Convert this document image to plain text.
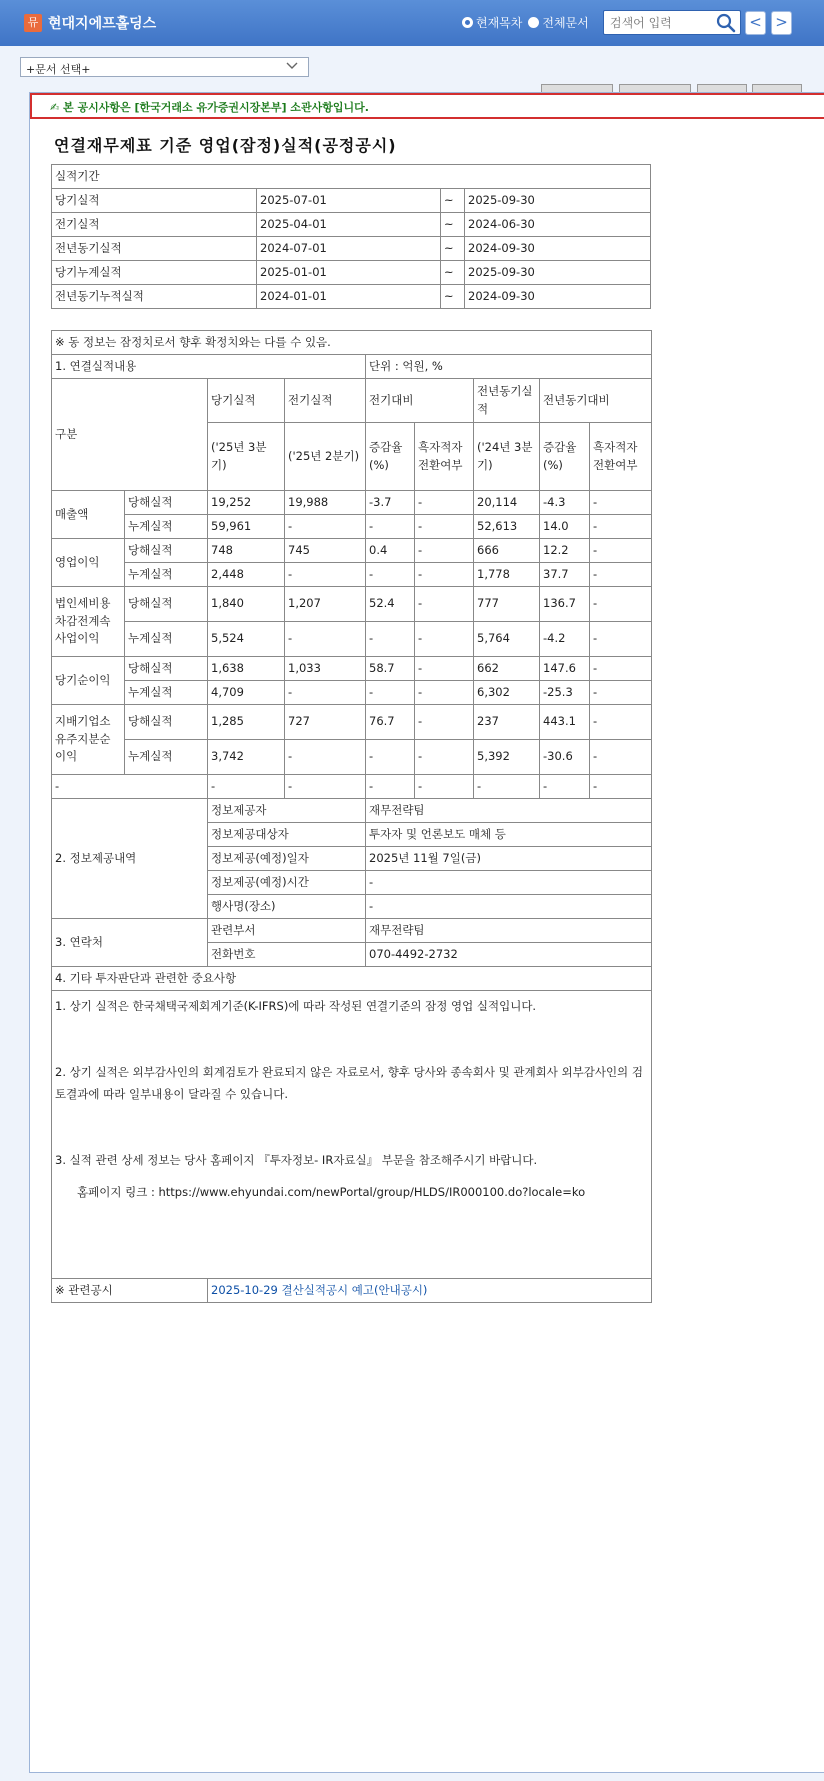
뮤 현대지에프홀딩스	현재목차 전체문서
검색어 입력	< >
+문서 선택+
✍ 본 공시사항은 [한국거래소 유가증권시장본부] 소관사항입니다.
연결재무제표 기준 영업(잠정)실적(공정공시)
실적기간			
당기실적	2025-07-01	~	2025-09-30
전기실적	2025-04-01	~	2024-06-30
전년동기실적	2024-07-01	~	2024-09-30
당기누계실적	2025-01-01	~	2025-09-30
전년동기누적실적	2024-01-01	~	2024-09-30
※ 동 정보는 잠정치로서 향후 확정치와는 다를 수 있음.								
1. 연결실적내용				단위 : 억원, %				
구분		당기실적	전기실적	전기대비		전년동기실적	전년동기대비	
		('25년 3분기)	('25년 2분기)	증감율(%)	흑자적자전환여부	('24년 3분기)	증감율(%)	흑자적자전환여부
매출액	당해실적	19,252	19,988	-3.7	-	20,114	-4.3	-
	누계실적	59,961	-	-	-	52,613	14.0	-
영업이익	당해실적	748	745	0.4	-	666	12.2	-
	누계실적	2,448	-	-	-	1,778	37.7	-
법인세비용차감전계속사업이익	당해실적	1,840	1,207	52.4	-	777	136.7	-
	누계실적	5,524	-	-	-	5,764	-4.2	-
당기순이익	당해실적	1,638	1,033	58.7	-	662	147.6	-
	누계실적	4,709	-	-	-	6,302	-25.3	-
지배기업소유주지분순이익	당해실적	1,285	727	76.7	-	237	443.1	-
	누계실적	3,742	-	-	-	5,392	-30.6	-
-		-	-	-	-	-	-	-
2. 정보제공내역		정보제공자		재무전략팀				
		정보제공대상자		투자자 및 언론보도 매체 등				
		정보제공(예정)일자		2025년 11월 7일(금)				
		정보제공(예정)시간		-				
		행사명(장소)		-				
3. 연락처		관련부서		재무전략팀				
		전화번호		070-4492-2732				
4. 기타 투자판단과 관련한 중요사항								

1. 상기 실적은 한국채택국제회계기준(K-IFRS)에 따라 작성된 연결기준의 잠정 영업 실적입니다.
2. 상기 실적은 외부감사인의 회계검토가 완료되지 않은 자료로서, 향후 당사와 종속회사 및 관계회사 외부감사인의 검토결과에 따라 일부내용이 달라질 수 있습니다.
3. 실적 관련 상세 정보는 당사 홈페이지 『투자정보- IR자료실』 부문을 참조해주시기 바랍니다.
홈페이지 링크 : https://www.ehyundai.com/newPortal/group/HLDS/IR000100.do?locale=ko								

※ 관련공시		2025-10-29 결산실적공시 예고(안내공시)						
